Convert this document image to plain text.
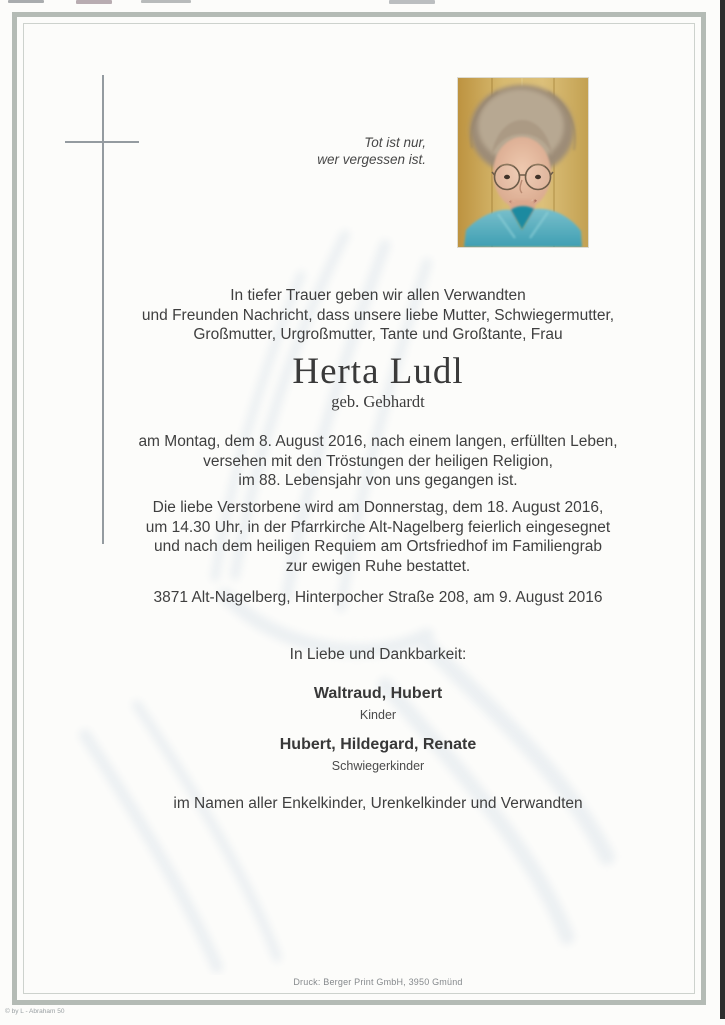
Tot ist nur,
wer vergessen ist.
In tiefer Trauer geben wir allen Verwandten
und Freunden Nachricht, dass unsere liebe Mutter, Schwiegermutter,
Großmutter, Urgroßmutter, Tante und Großtante, Frau
Herta Ludl
geb. Gebhardt
am Montag, dem 8. August 2016, nach einem langen, erfüllten Leben,
versehen mit den Tröstungen der heiligen Religion,
im 88. Lebensjahr von uns gegangen ist.
Die liebe Verstorbene wird am Donnerstag, dem 18. August 2016,
um 14.30 Uhr, in der Pfarrkirche Alt-Nagelberg feierlich eingesegnet
und nach dem heiligen Requiem am Ortsfriedhof im Familiengrab
zur ewigen Ruhe bestattet.
3871 Alt-Nagelberg, Hinterpocher Straße 208, am 9. August 2016
In Liebe und Dankbarkeit:
Waltraud, Hubert
Kinder
Hubert, Hildegard, Renate
Schwiegerkinder
im Namen aller Enkelkinder, Urenkelkinder und Verwandten
Druck: Berger Print GmbH, 3950 Gmünd
© by L - Abraham 50
